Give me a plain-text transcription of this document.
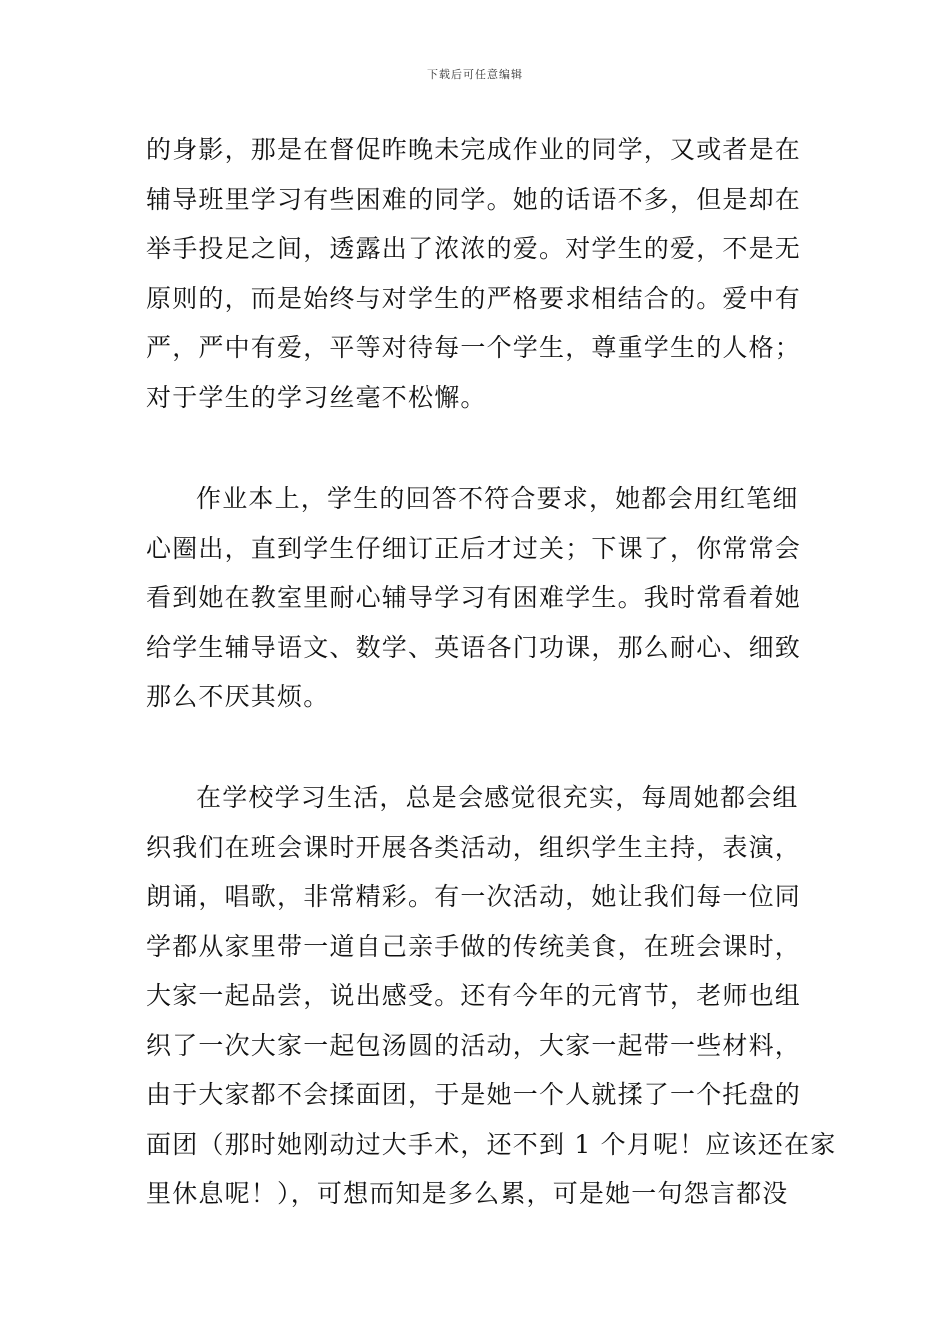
下载后可任意编辑
的身影，那是在督促昨晚未完成作业的同学，又或者是在
辅导班里学习有些困难的同学。她的话语不多，但是却在
举手投足之间，透露出了浓浓的爱。对学生的爱，不是无
原则的，而是始终与对学生的严格要求相结合的。爱中有
严，严中有爱，平等对待每一个学生，尊重学生的人格；
对于学生的学习丝毫不松懈。
作业本上，学生的回答不符合要求，她都会用红笔细
心圈出，直到学生仔细订正后才过关；下课了，你常常会
看到她在教室里耐心辅导学习有困难学生。我时常看着她
给学生辅导语文、数学、英语各门功课，那么耐心、细致
那么不厌其烦。
在学校学习生活，总是会感觉很充实，每周她都会组
织我们在班会课时开展各类活动，组织学生主持，表演，
朗诵，唱歌，非常精彩。有一次活动，她让我们每一位同
学都从家里带一道自己亲手做的传统美食，在班会课时，
大家一起品尝，说出感受。还有今年的元宵节，老师也组
织了一次大家一起包汤圆的活动，大家一起带一些材料，
由于大家都不会揉面团，于是她一个人就揉了一个托盘的
面团（那时她刚动过大手术，还不到 1 个月呢！应该还在家
里休息呢！），可想而知是多么累，可是她一句怨言都没
